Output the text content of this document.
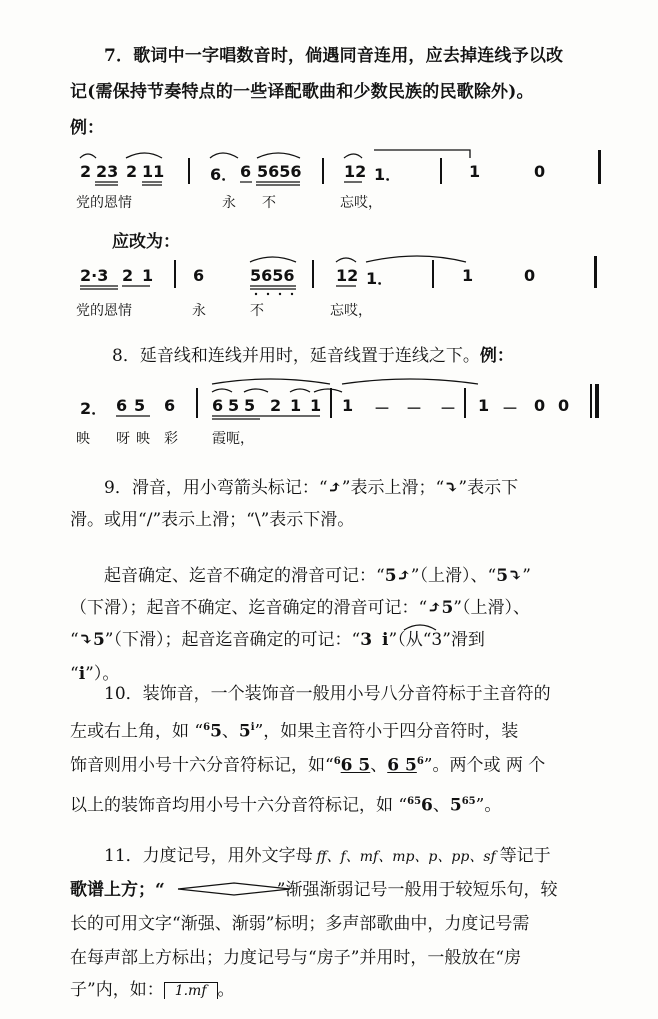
7．歌词中一字唱数音时，倘遇同音连用，应去掉连线予以改
记(需保持节奏特点的一些译配歌曲和少数民族的民歌除外)。
例：
2 23 2 11	6． 6 5656	12 1．	1	0
党的恩情	永 不	忘哎，
应改为：
2·3 2 1 6	5656	12 1．	1	0
党的恩情	永	不	忘哎，
8．延音线和连线并用时，延音线置于连线之下。例：
2． 6 5 6 6 5 5 2 1 1 1 － － － 1 － 0 0
映 呀 映 彩 霞呃，
9．滑音，用小弯箭头标记：“⤴”表示上滑；“⤵”表示下
滑。或用“/”表示上滑；“\”表示下滑。
起音确定、迄音不确定的滑音可记：“5⤴”（上滑）、“5⤵”
（下滑）；起音不确定、迄音确定的滑音可记：“⤴5”（上滑）、
“⤵5”（下滑）；起音迄音确定的可记：“3 i”（从“3”滑到
“i”）。
10．装饰音，一个装饰音一般用小号八分音符标于主音符的
左或右上角，如 “$^6$5、5$^i$”，如果主音符小于四分音符时，装
饰音则用小号十六分音符标记，如“$^6$6 5、6 $5^6$”。两个或 两 个
以上的装饰音均用小号十六分音符标记，如 “$^{65}$6、$5^{65}$”。
11．力度记号，用外文字母 ff、f、mf、mp、p、pp、sf 等记于
歌谱上方；“	”渐强渐弱记号一般用于较短乐句，较
长的可用文字“渐强、渐弱”标明；多声部歌曲中，力度记号需
在每声部上方标出；力度记号与“房子”并用时，一般放在“房
子”内，如： 1.mf 。
